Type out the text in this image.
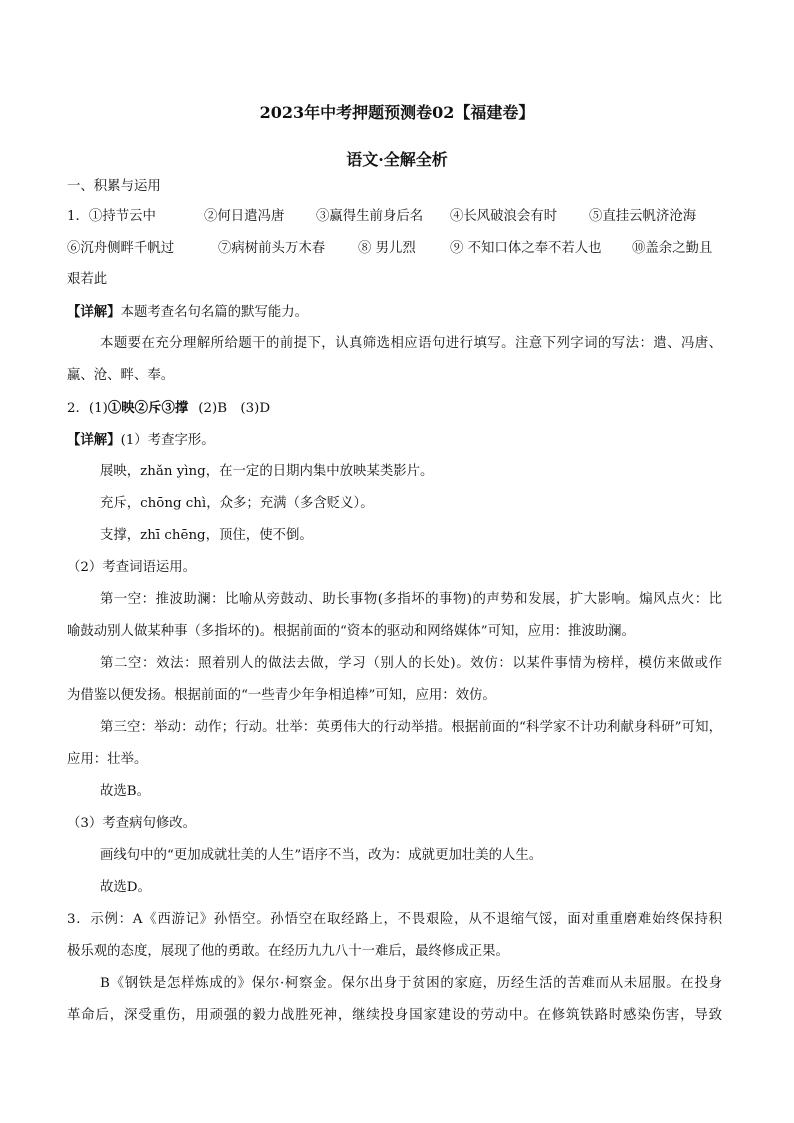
2023年中考押题预测卷02【福建卷】
语文·全解全析
一、积累与运用
1．①持节云中	②何日遣冯唐 ③赢得生前身后名 ④长风破浪会有时 ⑤直挂云帆济沧海
⑥沉舟侧畔千帆过	⑦病树前头万木春 ⑧ 男儿烈	⑨ 不知口体之奉不若人也 ⑩盖余之勤且
艰若此
【详解】本题考查名句名篇的默写能力。
本题要在充分理解所给题干的前提下，认真筛选相应语句进行填写。注意下列字词的写法：遣、冯唐、
赢、沧、畔、奉。
2．(1)①映②斥③撑 (2)B　(3)D
【详解】(1）考查字形。
展映，zhǎn yìng，在一定的日期内集中放映某类影片。
充斥，chōng chì，众多；充满（多含贬义）。
支撑，zhī chēng，顶住，使不倒。
（2）考查词语运用。
第一空：推波助澜：比喻从旁鼓动、助长事物(多指坏的事物)的声势和发展，扩大影响。煽风点火：比
喻鼓动别人做某种事（多指坏的)。根据前面的“资本的驱动和网络媒体”可知，应用：推波助澜。
第二空：效法：照着别人的做法去做，学习（别人的长处)。效仿：以某件事情为榜样，模仿来做或作
为借鉴以便发扬。根据前面的“一些青少年争相追棒”可知，应用：效仿。
第三空：举动：动作；行动。壮举：英勇伟大的行动举措。根据前面的“科学家不计功利献身科研”可知，
应用：壮举。
故选B。
（3）考查病句修改。
画线句中的“更加成就壮美的人生”语序不当，改为：成就更加壮美的人生。
故选D。
3．示例：A《西游记》孙悟空。孙悟空在取经路上，不畏艰险，从不退缩气馁，面对重重磨难始终保持积
极乐观的态度，展现了他的勇敢。在经历九九八十一难后，最终修成正果。
B《钢铁是怎样炼成的》保尔·柯察金。保尔出身于贫困的家庭，历经生活的苦难而从未屈服。在投身
革命后，深受重伤，用顽强的毅力战胜死神，继续投身国家建设的劳动中。在修筑铁路时感染伤害，导致
